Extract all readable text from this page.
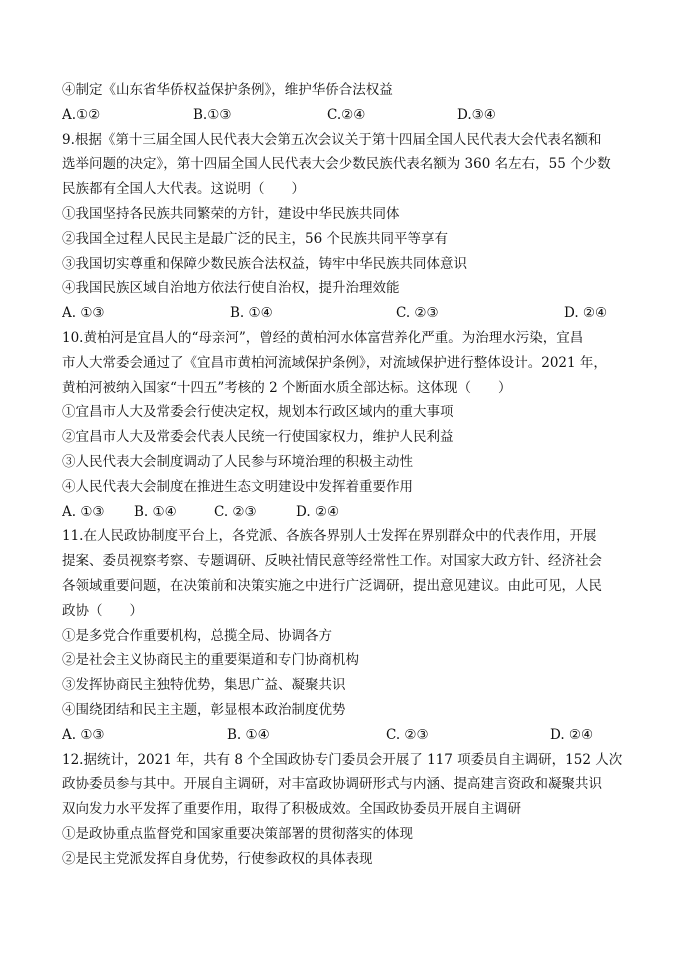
④制定《山东省华侨权益保护条例》，维护华侨合法权益
A.①②	B.①③	C.②④	D.③④
9.根据《第十三届全国人民代表大会第五次会议关于第十四届全国人民代表大会代表名额和
选举问题的决定》，第十四届全国人民代表大会少数民族代表名额为 360 名左右，55 个少数
民族都有全国人大代表。这说明（　　）
①我国坚持各民族共同繁荣的方针，建设中华民族共同体
②我国全过程人民民主是最广泛的民主，56 个民族共同平等享有
③我国切实尊重和保障少数民族合法权益，铸牢中华民族共同体意识
④我国民族区域自治地方依法行使自治权，提升治理效能
A. ①③	B. ①④	C. ②③	D. ②④
10.黄柏河是宜昌人的“母亲河”，曾经的黄柏河水体富营养化严重。为治理水污染，宜昌
市人大常委会通过了《宜昌市黄柏河流域保护条例》，对流域保护进行整体设计。2021 年，
黄柏河被纳入国家“十四五”考核的 2 个断面水质全部达标。这体现（　　）
①宜昌市人大及常委会行使决定权，规划本行政区域内的重大事项
②宜昌市人大及常委会代表人民统一行使国家权力，维护人民利益
③人民代表大会制度调动了人民参与环境治理的积极主动性
④人民代表大会制度在推进生态文明建设中发挥着重要作用
A. ①③ B. ①④	C. ②③	D. ②④
11.在人民政协制度平台上，各党派、各族各界别人士发挥在界别群众中的代表作用，开展
提案、委员视察考察、专题调研、反映社情民意等经常性工作。对国家大政方针、经济社会
各领域重要问题，在决策前和决策实施之中进行广泛调研，提出意见建议。由此可见，人民
政协（　　）
①是多党合作重要机构，总揽全局、协调各方
②是社会主义协商民主的重要渠道和专门协商机构
③发挥协商民主独特优势，集思广益、凝聚共识
④围绕团结和民主主题，彰显根本政治制度优势
A. ①③	B. ①④	C. ②③	D. ②④
12.据统计，2021 年，共有 8 个全国政协专门委员会开展了 117 项委员自主调研，152 人次
政协委员参与其中。开展自主调研，对丰富政协调研形式与内涵、提高建言资政和凝聚共识
双向发力水平发挥了重要作用，取得了积极成效。全国政协委员开展自主调研
①是政协重点监督党和国家重要决策部署的贯彻落实的体现
②是民主党派发挥自身优势，行使参政权的具体表现
